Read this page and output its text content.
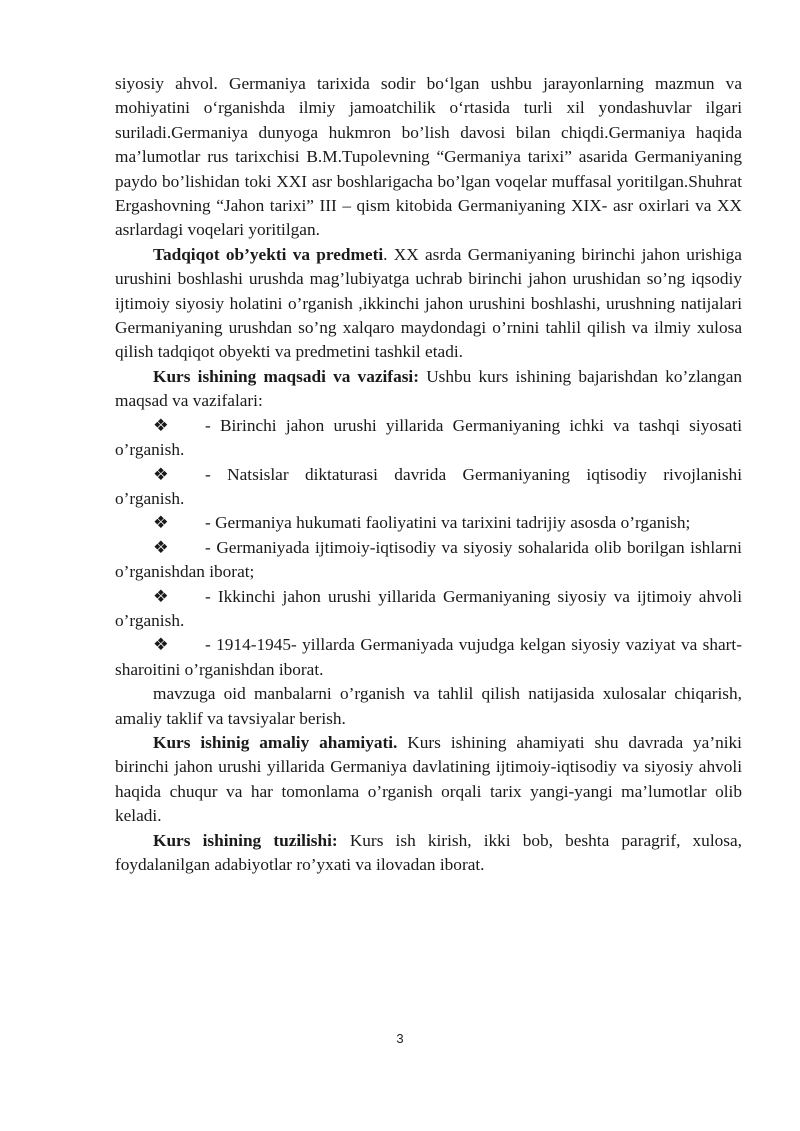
siyosiy ahvol. Germaniya tarixida sodir bo‘lgan ushbu jarayonlarning mazmun va mohiyatini o‘rganishda ilmiy jamoatchilik o‘rtasida turli xil yondashuvlar ilgari suriladi.Germaniya dunyoga hukmron bo’lish davosi bilan chiqdi.Germaniya haqida ma’lumotlar rus tarixchisi B.M.Tupolevning “Germaniya tarixi” asarida Germaniyaning paydo bo’lishidan toki XXI asr boshlarigacha bo’lgan voqelar muffasal yoritilgan.Shuhrat Ergashovning “Jahon tarixi” III – qism kitobida Germaniyaning XIX- asr oxirlari va XX asrlardagi voqelari yoritilgan.

Tadqiqot ob’yekti va predmeti. XX asrda Germaniyaning birinchi jahon urishiga urushini boshlashi urushda mag’lubiyatga uchrab birinchi jahon urushidan so’ng iqsodiy ijtimoiy siyosiy holatini o’rganish ,ikkinchi jahon urushini boshlashi, urushning natijalari Germaniyaning urushdan so’ng xalqaro maydondagi o’rnini tahlil qilish va ilmiy xulosa qilish tadqiqot obyekti va predmetini tashkil etadi.

Kurs ishining maqsadi va vazifasi: Ushbu kurs ishining bajarishdan ko’zlangan maqsad va vazifalari:

❖ - Birinchi jahon urushi yillarida Germaniyaning ichki va tashqi siyosati o’rganish.

❖ - Natsislar diktaturasi davrida Germaniyaning iqtisodiy rivojlanishi o’rganish.

❖ - Germaniya hukumati faoliyatini va tarixini tadrijiy asosda o’rganish;

❖ - Germaniyada ijtimoiy-iqtisodiy va siyosiy sohalarida olib borilgan ishlarni o’rganishdan iborat;

❖ - Ikkinchi jahon urushi yillarida Germaniyaning siyosiy va ijtimoiy ahvoli o’rganish.

❖ - 1914-1945- yillarda Germaniyada vujudga kelgan siyosiy vaziyat va shart-sharoitini o’rganishdan iborat.

mavzuga oid manbalarni o’rganish va tahlil qilish natijasida xulosalar chiqarish, amaliy taklif va tavsiyalar berish.

Kurs ishinig amaliy ahamiyati. Kurs ishining ahamiyati shu davrada ya’niki birinchi jahon urushi yillarida Germaniya davlatining ijtimoiy-iqtisodiy va siyosiy ahvoli haqida chuqur va har tomonlama o’rganish orqali tarix yangi-yangi ma’lumotlar olib keladi.

Kurs ishining tuzilishi: Kurs ish kirish, ikki bob, beshta paragrif, xulosa, foydalanilgan adabiyotlar ro’yxati va ilovadan iborat.

3
